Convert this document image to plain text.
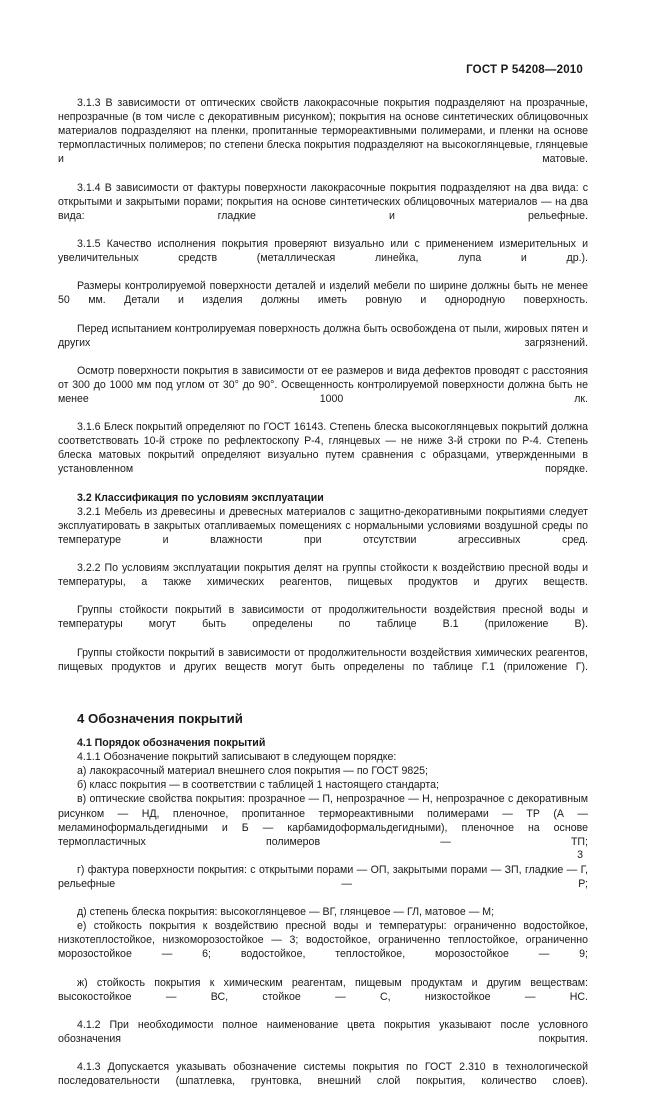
ГОСТ Р 54208—2010

3.1.3 В зависимости от оптических свойств лакокрасочные покрытия подразделяют на прозрачные, непрозрачные (в том числе с декоративным рисунком); покрытия на основе синтетических облицовочных материалов подразделяют на пленки, пропитанные термореактивными полимерами, и пленки на основе термопластичных полимеров; по степени блеска покрытия подразделяют на высокоглянцевые, глянцевые и матовые.

3.1.4 В зависимости от фактуры поверхности лакокрасочные покрытия подразделяют на два вида: с открытыми и закрытыми порами; покрытия на основе синтетических облицовочных материалов — на два вида: гладкие и рельефные.

3.1.5 Качество исполнения покрытия проверяют визуально или с применением измерительных и увеличительных средств (металлическая линейка, лупа и др.).

Размеры контролируемой поверхности деталей и изделий мебели по ширине должны быть не менее 50 мм. Детали и изделия должны иметь ровную и однородную поверхность.

Перед испытанием контролируемая поверхность должна быть освобождена от пыли, жировых пятен и других загрязнений.

Осмотр поверхности покрытия в зависимости от ее размеров и вида дефектов проводят с расстояния от 300 до 1000 мм под углом от 30° до 90°. Освещенность контролируемой поверхности должна быть не менее 1000 лк.

3.1.6 Блеск покрытий определяют по ГОСТ 16143. Степень блеска высокоглянцевых покрытий должна соответствовать 10-й строке по рефлектоскопу Р-4, глянцевых — не ниже 3-й строки по Р-4. Степень блеска матовых покрытий определяют визуально путем сравнения с образцами, утвержденными в установленном порядке.

3.2 Классификация по условиям эксплуатации

3.2.1 Мебель из древесины и древесных материалов с защитно-декоративными покрытиями следует эксплуатировать в закрытых отапливаемых помещениях с нормальными условиями воздушной среды по температуре и влажности при отсутствии агрессивных сред.

3.2.2 По условиям эксплуатации покрытия делят на группы стойкости к воздействию пресной воды и температуры, а также химических реагентов, пищевых продуктов и других веществ.

Группы стойкости покрытий в зависимости от продолжительности воздействия пресной воды и температуры могут быть определены по таблице В.1 (приложение В).

Группы стойкости покрытий в зависимости от продолжительности воздействия химических реагентов, пищевых продуктов и других веществ могут быть определены по таблице Г.1 (приложение Г).

4 Обозначения покрытий

4.1 Порядок обозначения покрытий

4.1.1 Обозначение покрытий записывают в следующем порядке:

а) лакокрасочный материал внешнего слоя покрытия — по ГОСТ 9825;

б) класс покрытия — в соответствии с таблицей 1 настоящего стандарта;

в) оптические свойства покрытия: прозрачное — П, непрозрачное — Н, непрозрачное с декоративным рисунком — НД, пленочное, пропитанное термореактивными полимерами — ТР (А — меламиноформальдегидными и Б — карбамидоформальдегидными), пленочное на основе термопластичных полимеров — ТП;

г) фактура поверхности покрытия: с открытыми порами — ОП, закрытыми порами — ЗП, гладкие — Г, рельефные — Р;

д) степень блеска покрытия: высокоглянцевое — ВГ, глянцевое — ГЛ, матовое — М;

е) стойкость покрытия к воздействию пресной воды и температуры: ограниченно водостойкое, низкотеплостойкое, низкоморозостойкое — 3; водостойкое, ограниченно теплостойкое, ограниченно морозостойкое — 6; водостойкое, теплостойкое, морозостойкое — 9;

ж) стойкость покрытия к химическим реагентам, пищевым продуктам и другим веществам: высокостойкое — ВС, стойкое — С, низкостойкое — НС.

4.1.2 При необходимости полное наименование цвета покрытия указывают после условного обозначения покрытия.

4.1.3 Допускается указывать обозначение системы покрытия по ГОСТ 2.310 в технологической последовательности (шпатлевка, грунтовка, внешний слой покрытия, количество слоев).

3
